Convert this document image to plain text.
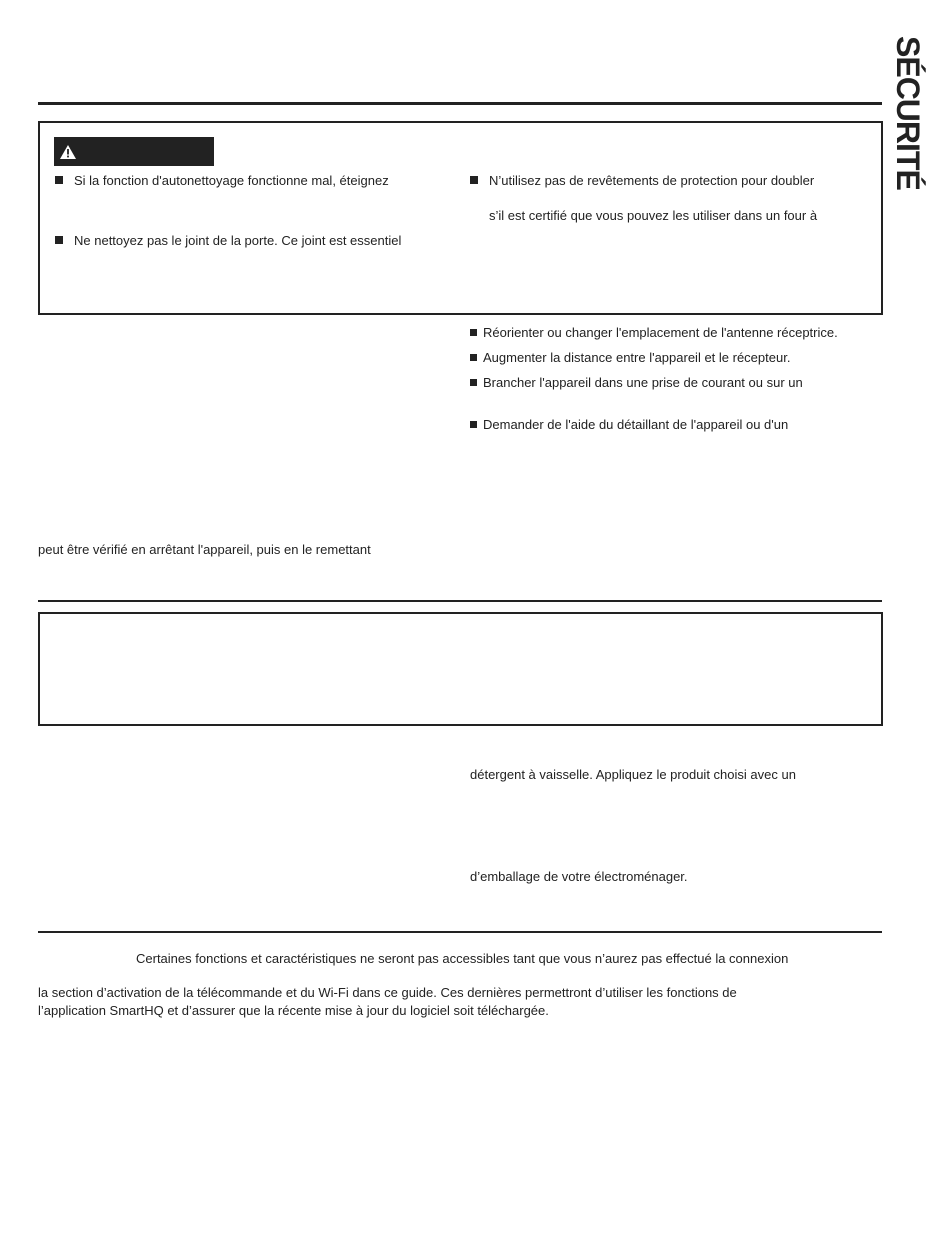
SÉCURITÉ
Si la fonction d'autonettoyage fonctionne mal, éteignez
Ne nettoyez pas le joint de la porte. Ce joint est essentiel
N’utilisez pas de revêtements de protection pour doubler
s’il est certifié que vous pouvez les utiliser dans un four à
Réorienter ou changer l'emplacement de l'antenne réceptrice.
Augmenter la distance entre l'appareil et le récepteur.
Brancher l'appareil dans une prise de courant ou sur un
Demander de l'aide du détaillant de l'appareil ou d'un
peut être vérifié en arrêtant l'appareil, puis en le remettant
détergent à vaisselle. Appliquez le produit choisi avec un
d’emballage de votre électroménager.
Certaines fonctions et caractéristiques ne seront pas accessibles tant que vous n’aurez pas effectué la connexion
la section d’activation de la télécommande et du Wi-Fi dans ce guide. Ces dernières permettront d’utiliser les fonctions de
l’application SmartHQ et d’assurer que la récente mise à jour du logiciel soit téléchargée.
